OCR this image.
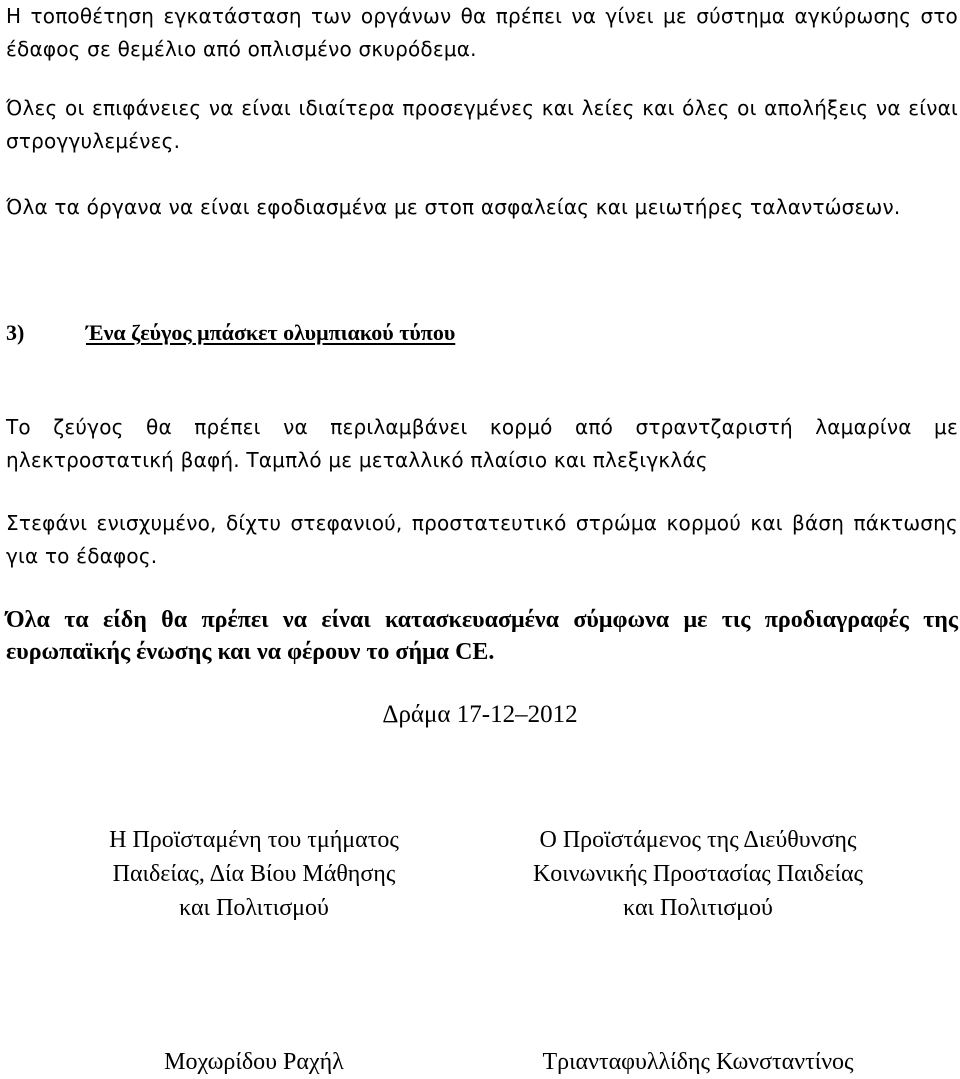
Η τοποθέτηση εγκατάσταση των οργάνων θα πρέπει να γίνει με σύστημα αγκύρωσης στο έδαφος σε θεμέλιο από οπλισμένο σκυρόδεμα.

Όλες οι επιφάνειες να είναι ιδιαίτερα προσεγμένες και λείες και όλες οι απολήξεις να είναι στρογγυλεμένες.

Όλα τα όργανα να είναι εφοδιασμένα με στοπ ασφαλείας και μειωτήρες ταλαντώσεων.

3)	Ένα ζεύγος μπάσκετ ολυμπιακού τύπου

Το ζεύγος θα πρέπει να περιλαμβάνει κορμό από στραντζαριστή λαμαρίνα με ηλεκτροστατική βαφή. Ταμπλό με μεταλλικό πλαίσιο και πλεξιγκλάς

Στεφάνι ενισχυμένο, δίχτυ στεφανιού, προστατευτικό στρώμα κορμού και βάση πάκτωσης για το έδαφος.

Όλα τα είδη θα πρέπει να είναι κατασκευασμένα σύμφωνα με τις προδιαγραφές της ευρωπαϊκής ένωσης και να φέρουν το σήμα CE.

Δράμα 17-12–2012
Η Προϊσταμένη του τμήματος
Παιδείας, Δία Βίου Μάθησης
και Πολιτισμού
Ο Προϊστάμενος της Διεύθυνσης
Κοινωνικής Προστασίας Παιδείας
και Πολιτισμού
Μοχωρίδου Ραχήλ	Τριανταφυλλίδης Κωνσταντίνος
